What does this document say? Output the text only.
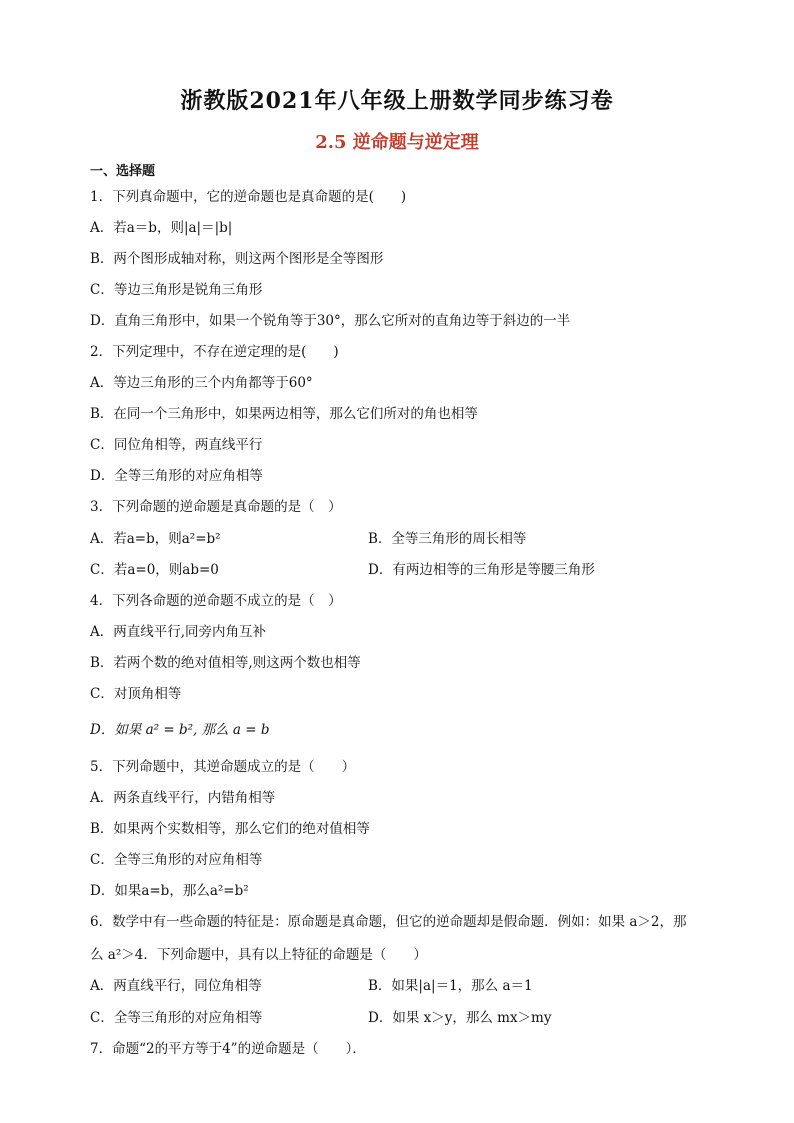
浙教版2021年八年级上册数学同步练习卷
2.5 逆命题与逆定理
一、选择题
1．下列真命题中，它的逆命题也是真命题的是(　　)
A．若a＝b，则|a|＝|b|
B．两个图形成轴对称，则这两个图形是全等图形
C．等边三角形是锐角三角形
D．直角三角形中，如果一个锐角等于30°，那么它所对的直角边等于斜边的一半
2．下列定理中，不存在逆定理的是(　　)
A．等边三角形的三个内角都等于60°
B．在同一个三角形中，如果两边相等，那么它们所对的角也相等
C．同位角相等，两直线平行
D．全等三角形的对应角相等
3．下列命题的逆命题是真命题的是（　）
A．若a=b，则a²=b²	B．全等三角形的周长相等
C．若a=0，则ab=0	D．有两边相等的三角形是等腰三角形
4．下列各命题的逆命题不成立的是（　）
A．两直线平行,同旁内角互补
B．若两个数的绝对值相等,则这两个数也相等
C．对顶角相等
D．如果 a² = b², 那么 a = b
5．下列命题中，其逆命题成立的是（　　）
A．两条直线平行，内错角相等
B．如果两个实数相等，那么它们的绝对值相等
C．全等三角形的对应角相等
D．如果a=b，那么a²=b²
6．数学中有一些命题的特征是：原命题是真命题，但它的逆命题却是假命题．例如：如果 a＞2，那
么 a²＞4．下列命题中，具有以上特征的命题是（　　）
A．两直线平行，同位角相等	B．如果|a|＝1，那么 a＝1
C．全等三角形的对应角相等	D．如果 x＞y，那么 mx＞my
7．命题“2的平方等于4”的逆命题是（　　）．
